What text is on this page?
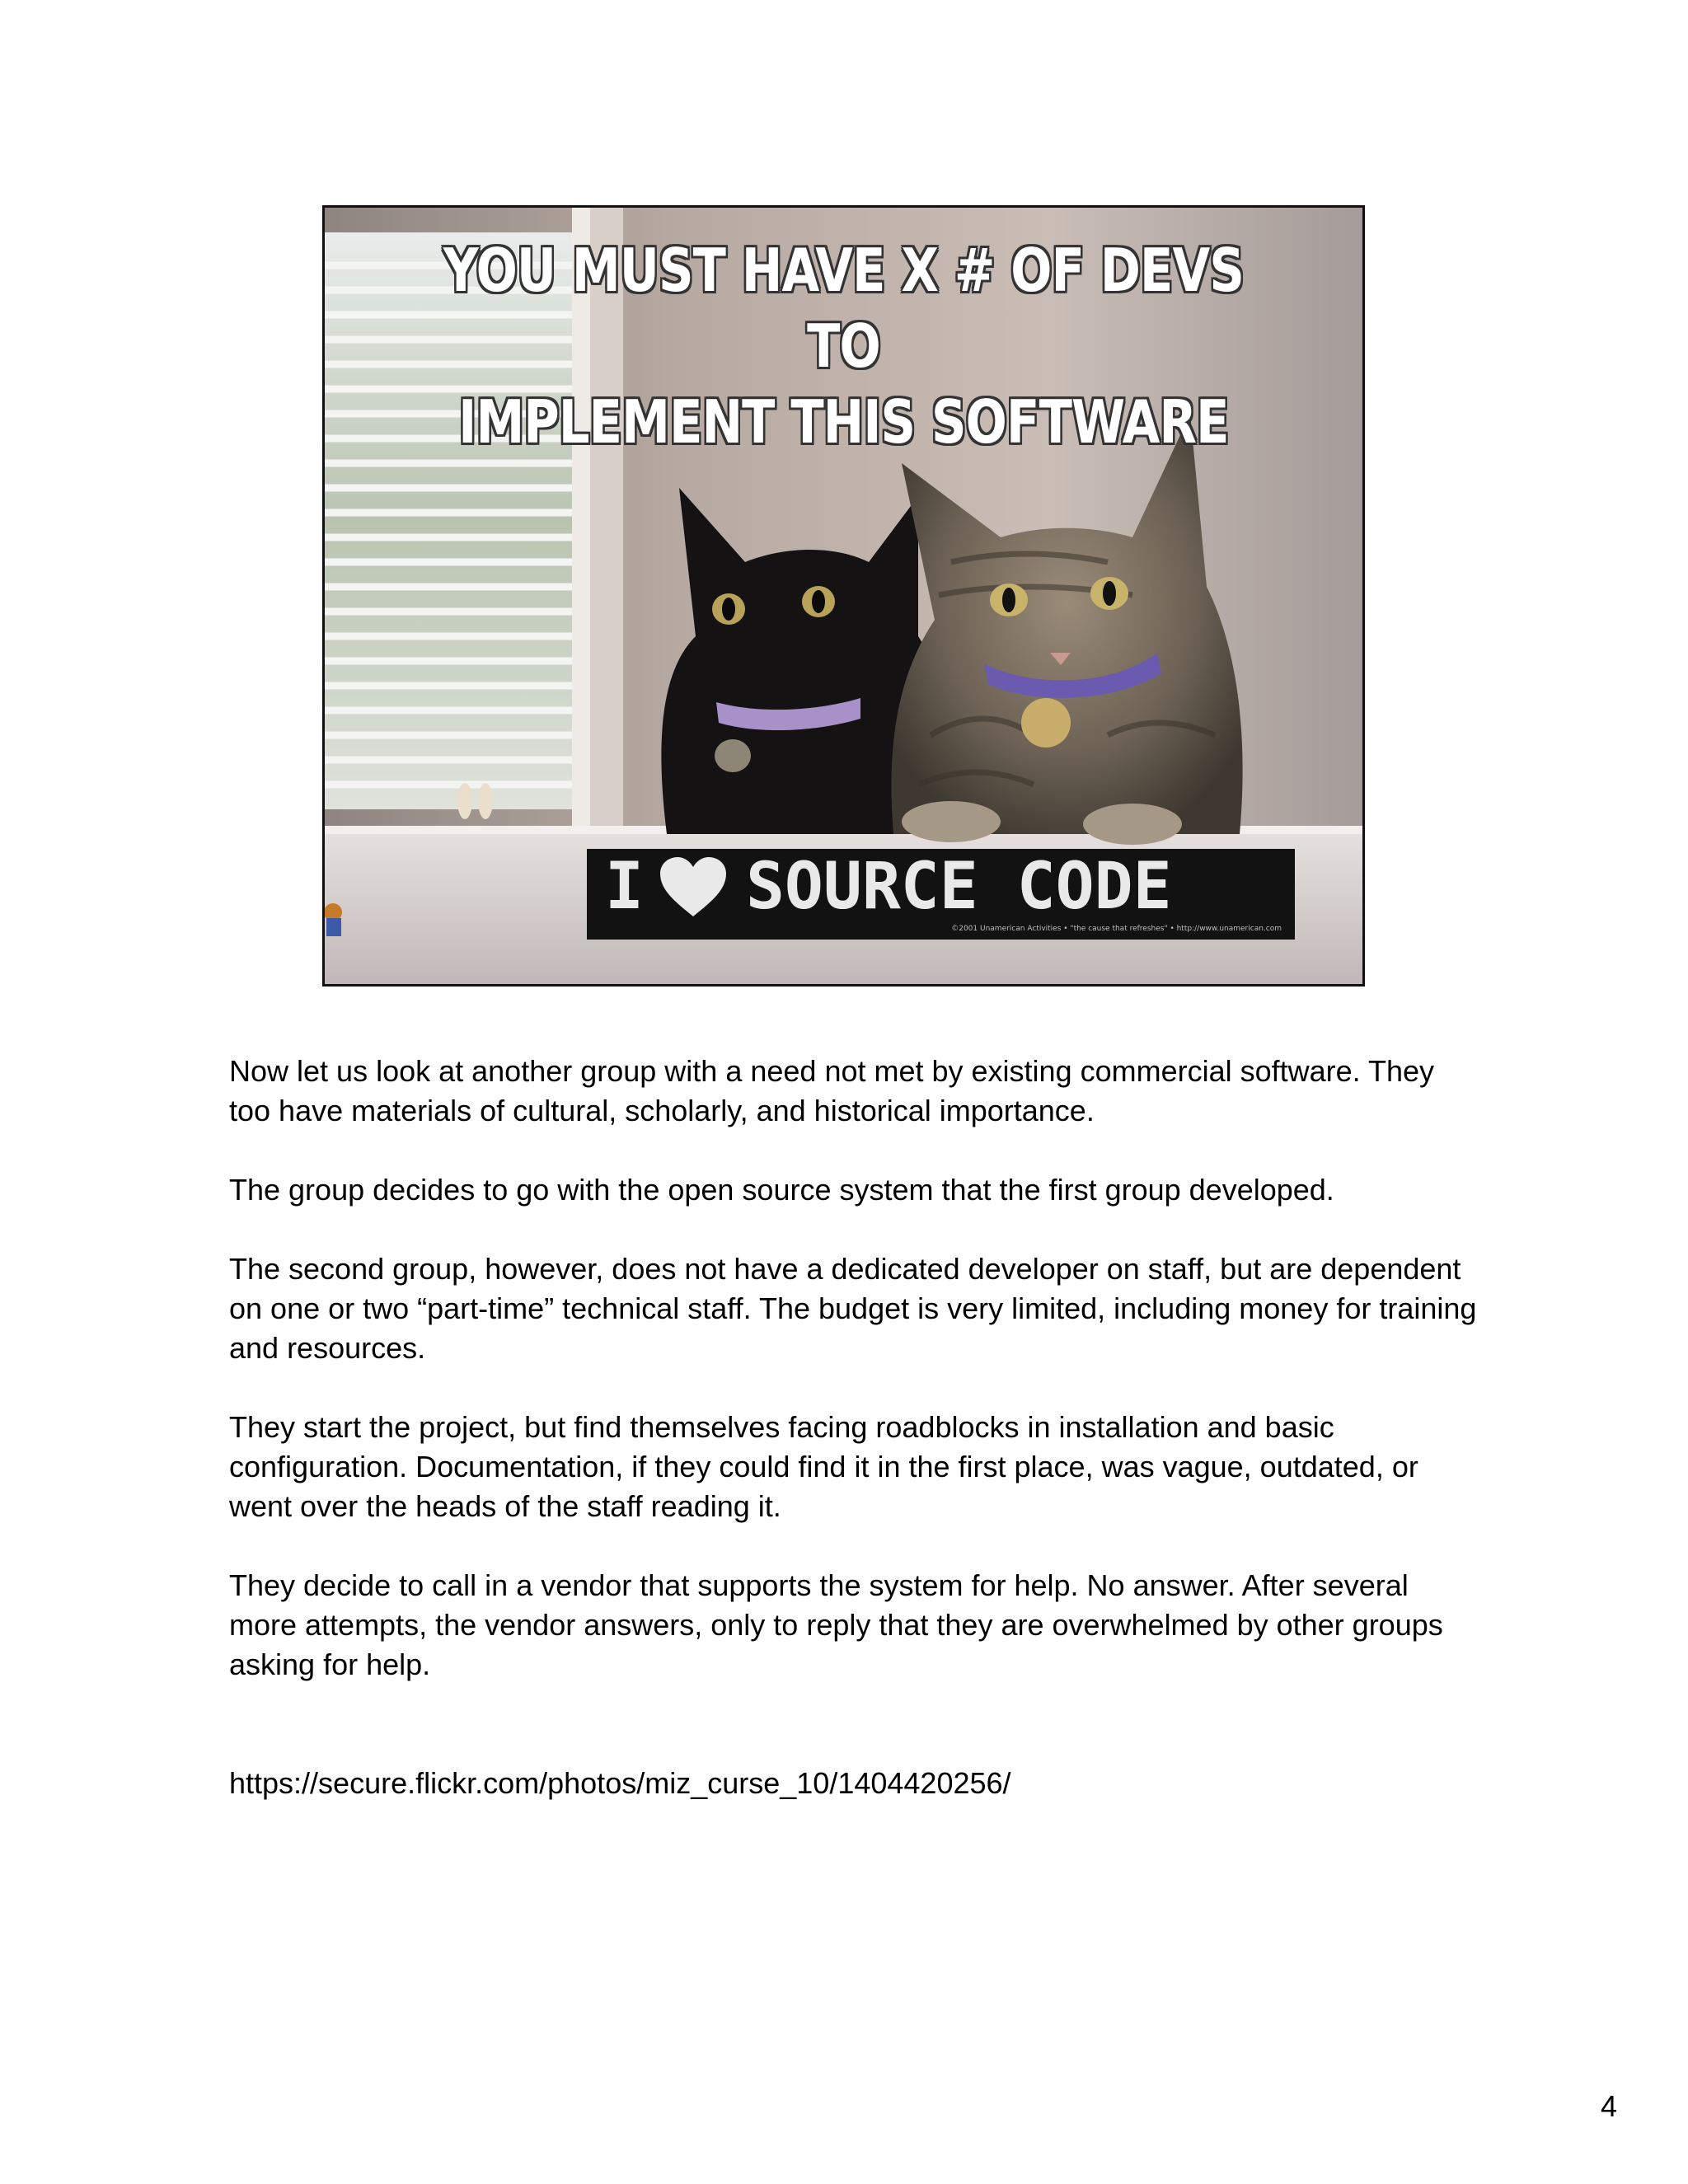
YOU MUST HAVE X # OF DEVS TO
IMPLEMENT THIS SOFTWARE
I SOURCE CODE
©2001 Unamerican Activities • "the cause that refreshes" • http://www.unamerican.com

Now let us look at another group with a need not met by existing commercial software. They too have materials of cultural, scholarly, and historical importance.

The group decides to go with the open source system that the first group developed.

The second group, however, does not have a dedicated developer on staff, but are dependent on one or two “part-time” technical staff. The budget is very limited, including money for training and resources.

They start the project, but find themselves facing roadblocks in installation and basic configuration. Documentation, if they could find it in the first place, was vague, outdated, or went over the heads of the staff reading it.

They decide to call in a vendor that supports the system for help. No answer. After several more attempts, the vendor answers, only to reply that they are overwhelmed by other groups asking for help.

https://secure.flickr.com/photos/miz_curse_10/1404420256/

4
